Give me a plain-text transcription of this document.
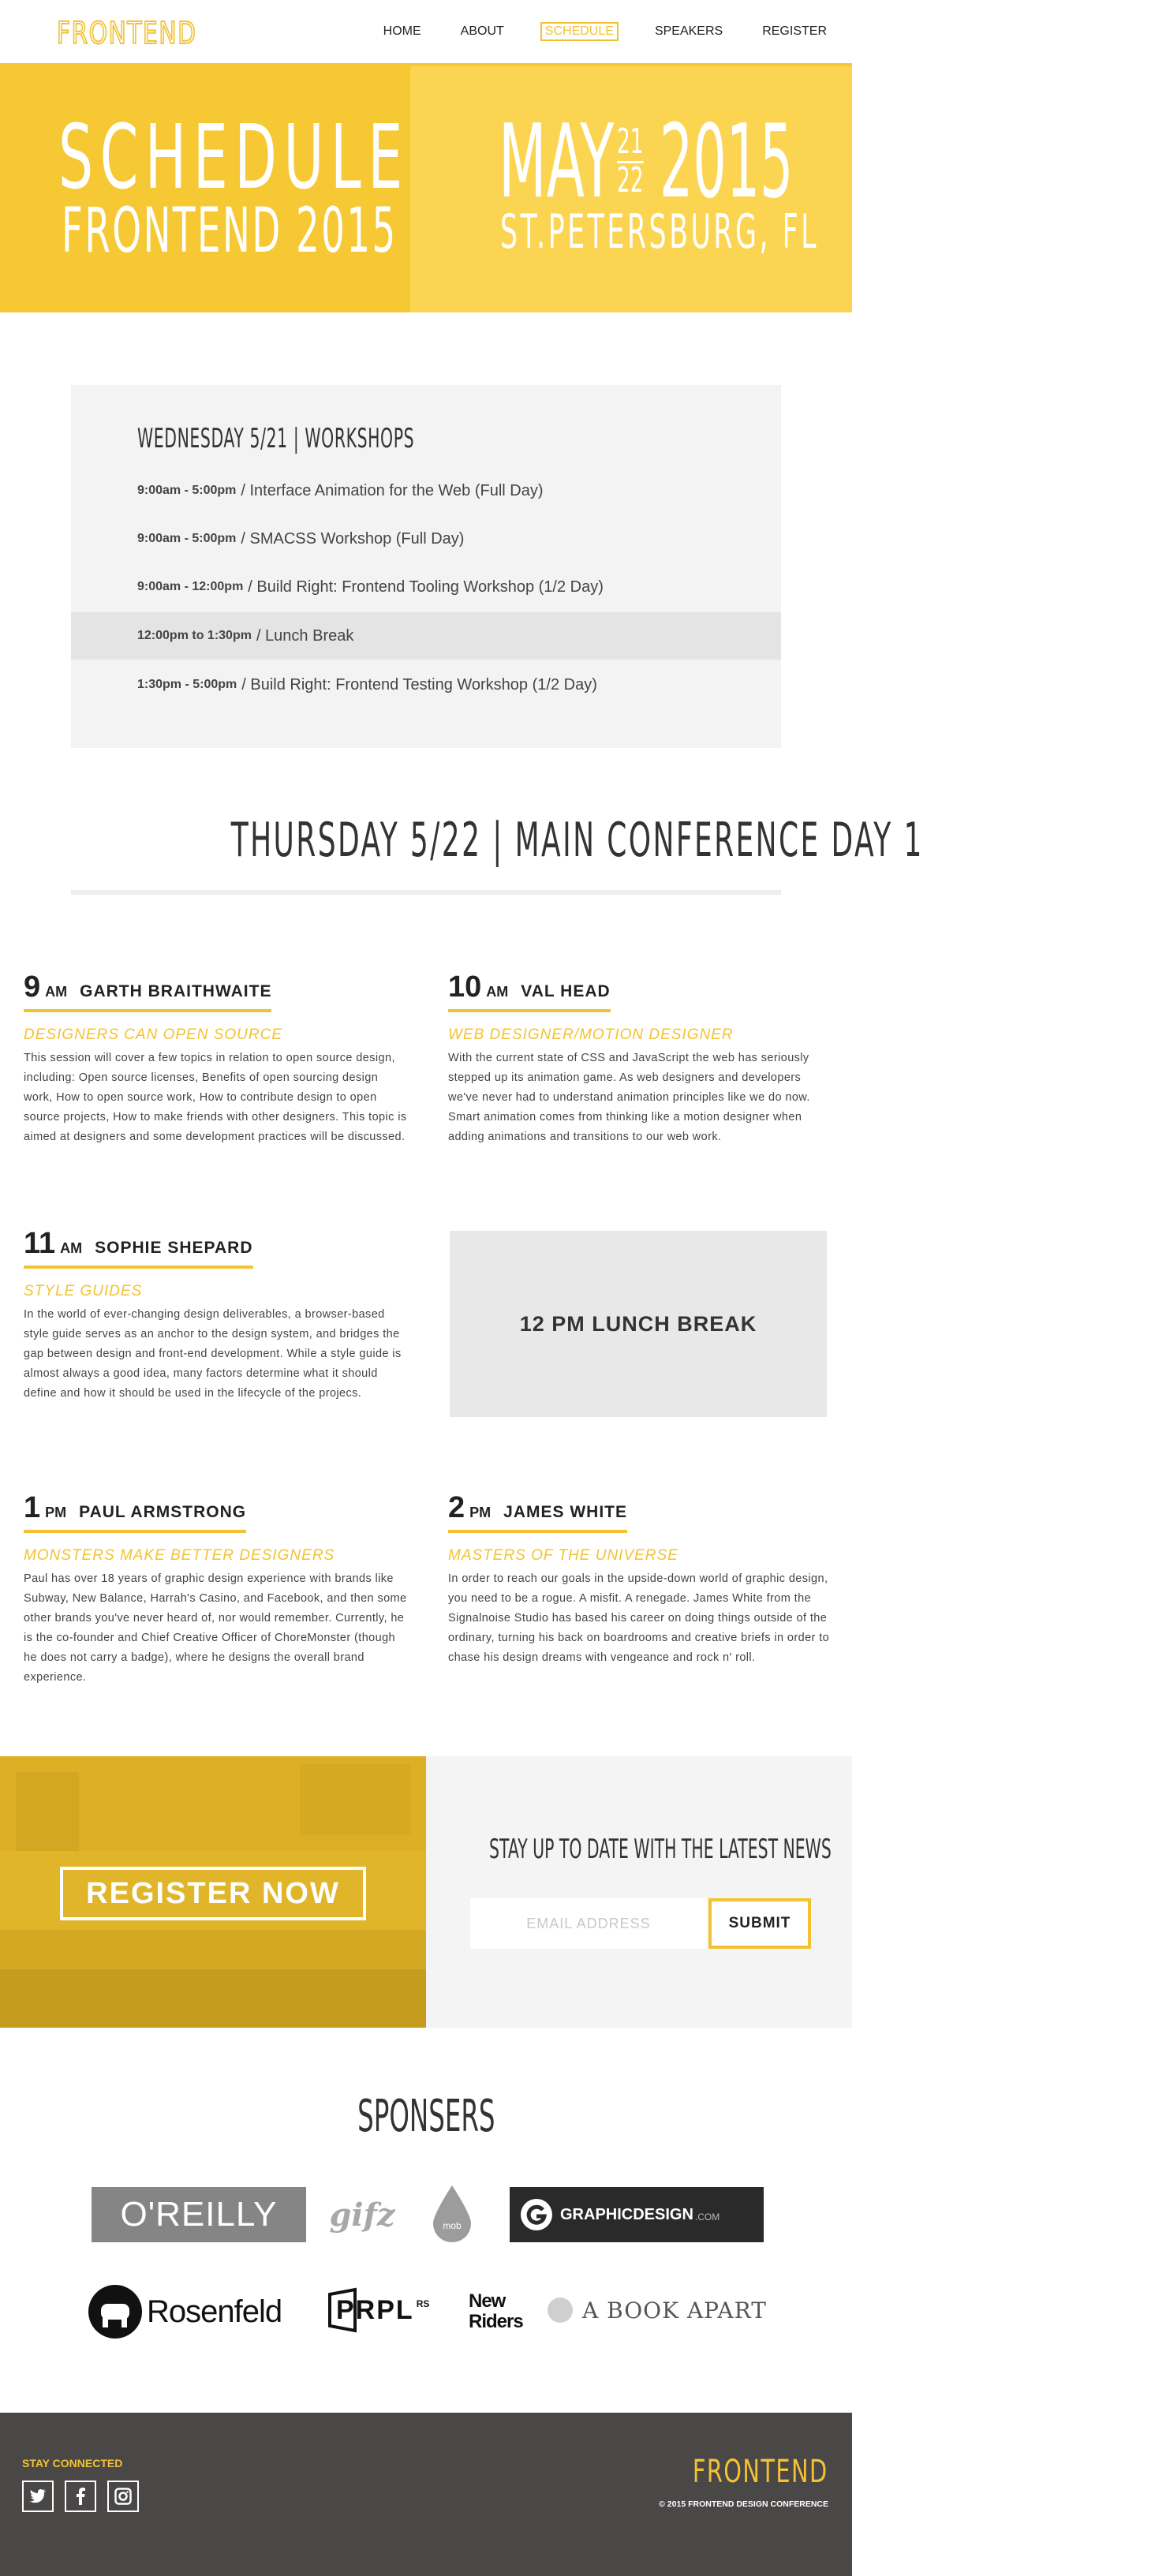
FRONTEND	HOME	ABOUT	SCHEDULE	SPEAKERS	REGISTER
SCHEDULE
FRONTEND 2015
MAY 21
22 2015
ST.PETERSBURG, FL
WEDNESDAY 5/21 | WORKSHOPS
9:00am - 5:00pm / Interface Animation for the Web (Full Day)
9:00am - 5:00pm / SMACSS Workshop (Full Day)
9:00am - 12:00pm / Build Right: Frontend Tooling Workshop (1/2 Day)
12:00pm to 1:30pm / Lunch Break
1:30pm - 5:00pm / Build Right: Frontend Testing Workshop (1/2 Day)
THURSDAY 5/22 | MAIN CONFERENCE DAY 1
9 AM GARTH BRAITHWAITE
DESIGNERS CAN OPEN SOURCE
This session will cover a few topics in relation to open source design, including: Open source licenses, Benefits of open sourcing design work, How to open source work, How to contribute design to open source projects, How to make friends with other designers. This topic is aimed at designers and some development practices will be discussed.
10 AM VAL HEAD
WEB DESIGNER/MOTION DESIGNER
With the current state of CSS and JavaScript the web has seriously stepped up its animation game. As web designers and developers we've never had to understand animation principles like we do now. Smart animation comes from thinking like a motion designer when adding animations and transitions to our web work.
11 AM SOPHIE SHEPARD
STYLE GUIDES
In the world of ever-changing design deliverables, a browser-based style guide serves as an anchor to the design system, and bridges the gap between design and front-end development. While a style guide is almost always a good idea, many factors determine what it should define and how it should be used in the lifecycle of the projecs.
12 PM LUNCH BREAK
1 PM PAUL ARMSTRONG
MONSTERS MAKE BETTER DESIGNERS
Paul has over 18 years of graphic design experience with brands like Subway, New Balance, Harrah's Casino, and Facebook, and then some other brands you've never heard of, nor would remember. Currently, he is the co-founder and Chief Creative Officer of ChoreMonster (though he does not carry a badge), where he designs the overall brand experience.
2 PM JAMES WHITE
MASTERS OF THE UNIVERSE
In order to reach our goals in the upside-down world of graphic design, you need to be a rogue. A misfit. A renegade. James White from the Signalnoise Studio has based his career on doing things outside of the ordinary, turning his back on boardrooms and creative briefs in order to chase his design dreams with vengeance and rock n' roll.
REGISTER NOW
STAY UP TO DATE WITH THE LATEST NEWS
EMAIL ADDRESS	SUBMIT
SPONSERS
O'REILLY gifz	mob
GRAPHICDESIGN .COM
Rosenfeld PRPL RS New
Riders	A BOOK APART
STAY CONNECTED	FRONTEND
© 2015 FRONTEND DESIGN CONFERENCE
